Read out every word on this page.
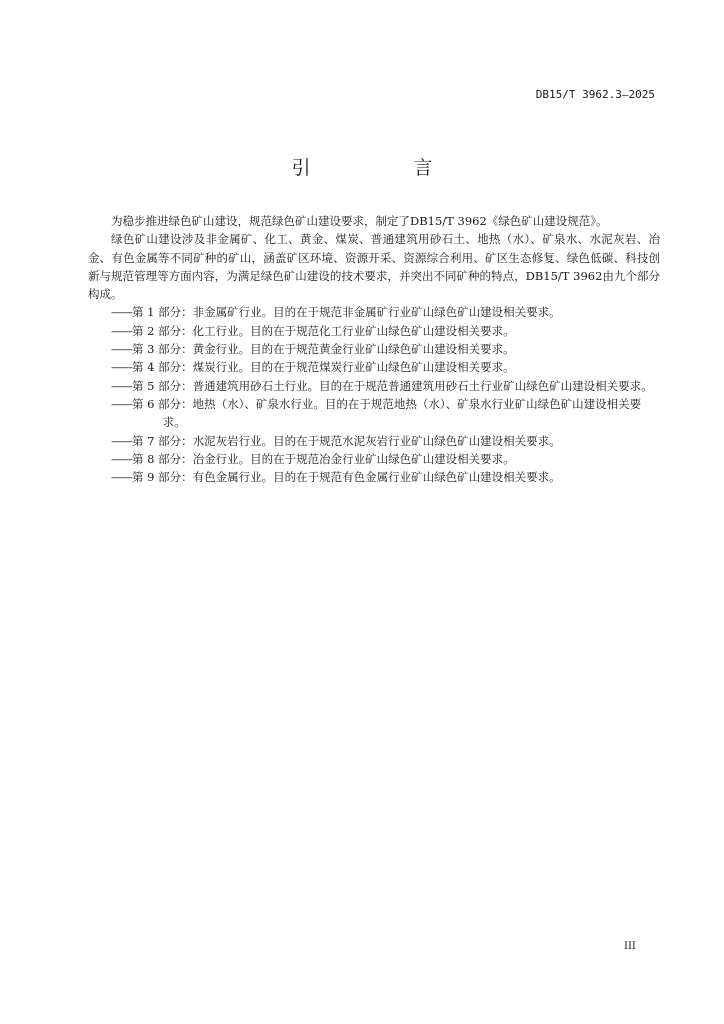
DB15/T 3962.3—2025
引　言

为稳步推进绿色矿山建设，规范绿色矿山建设要求，制定了DB15/T 3962《绿色矿山建设规范》。

绿色矿山建设涉及非金属矿、化工、黄金、煤炭、普通建筑用砂石土、地热（水）、矿泉水、水泥灰岩、冶金、有色金属等不同矿种的矿山，涵盖矿区环境、资源开采、资源综合利用、矿区生态修复、绿色低碳、科技创新与规范管理等方面内容，为满足绿色矿山建设的技术要求，并突出不同矿种的特点，DB15/T 3962由九个部分构成。

——第 1 部分：非金属矿行业。目的在于规范非金属矿行业矿山绿色矿山建设相关要求。
——第 2 部分：化工行业。目的在于规范化工行业矿山绿色矿山建设相关要求。
——第 3 部分：黄金行业。目的在于规范黄金行业矿山绿色矿山建设相关要求。
——第 4 部分：煤炭行业。目的在于规范煤炭行业矿山绿色矿山建设相关要求。
——第 5 部分：普通建筑用砂石土行业。目的在于规范普通建筑用砂石土行业矿山绿色矿山建设相关要求。
——第 6 部分：地热（水）、矿泉水行业。目的在于规范地热（水）、矿泉水行业矿山绿色矿山建设相关要求。
——第 7 部分：水泥灰岩行业。目的在于规范水泥灰岩行业矿山绿色矿山建设相关要求。
——第 8 部分：冶金行业。目的在于规范冶金行业矿山绿色矿山建设相关要求。
——第 9 部分：有色金属行业。目的在于规范有色金属行业矿山绿色矿山建设相关要求。
III
